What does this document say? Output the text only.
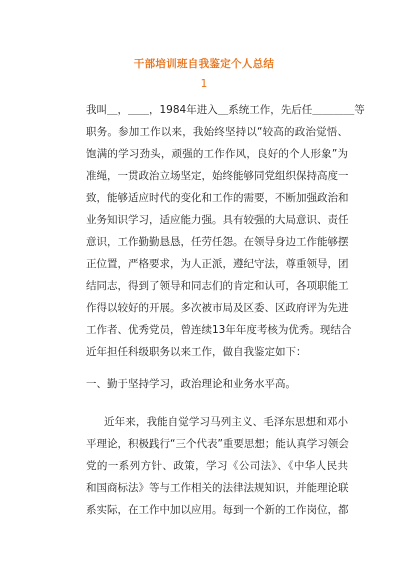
干部培训班自我鉴定个人总结
1

我叫＿，＿＿，1984年进入＿系统工作，先后任＿＿＿＿等
职务。参加工作以来，我始终坚持以“较高的政治觉悟、
饱满的学习劲头，顽强的工作作风，良好的个人形象”为
准绳，一贯政治立场坚定，始终能够同党组织保持高度一
致，能够适应时代的变化和工作的需要，不断加强政治和
业务知识学习，适应能力强。具有较强的大局意识、责任
意识，工作勤勤恳恳，任劳任怨。在领导身边工作能够摆
正位置，严格要求，为人正派，遵纪守法，尊重领导，团
结同志，得到了领导和同志们的肯定和认可，各项职能工
作得以较好的开展。多次被市局及区委、区政府评为先进
工作者、优秀党员，曾连续13年年度考核为优秀。现结合
近年担任科级职务以来工作，做自我鉴定如下：

一、勤于坚持学习，政治理论和业务水平高。

近年来，我能自觉学习马列主义、毛泽东思想和邓小
平理论，积极践行“三个代表”重要思想；能认真学习领会
党的一系列方针、政策，学习《公司法》、《中华人民共
和国商标法》等与工作相关的法律法规知识，并能理论联
系实际，在工作中加以应用。每到一个新的工作岗位，都
